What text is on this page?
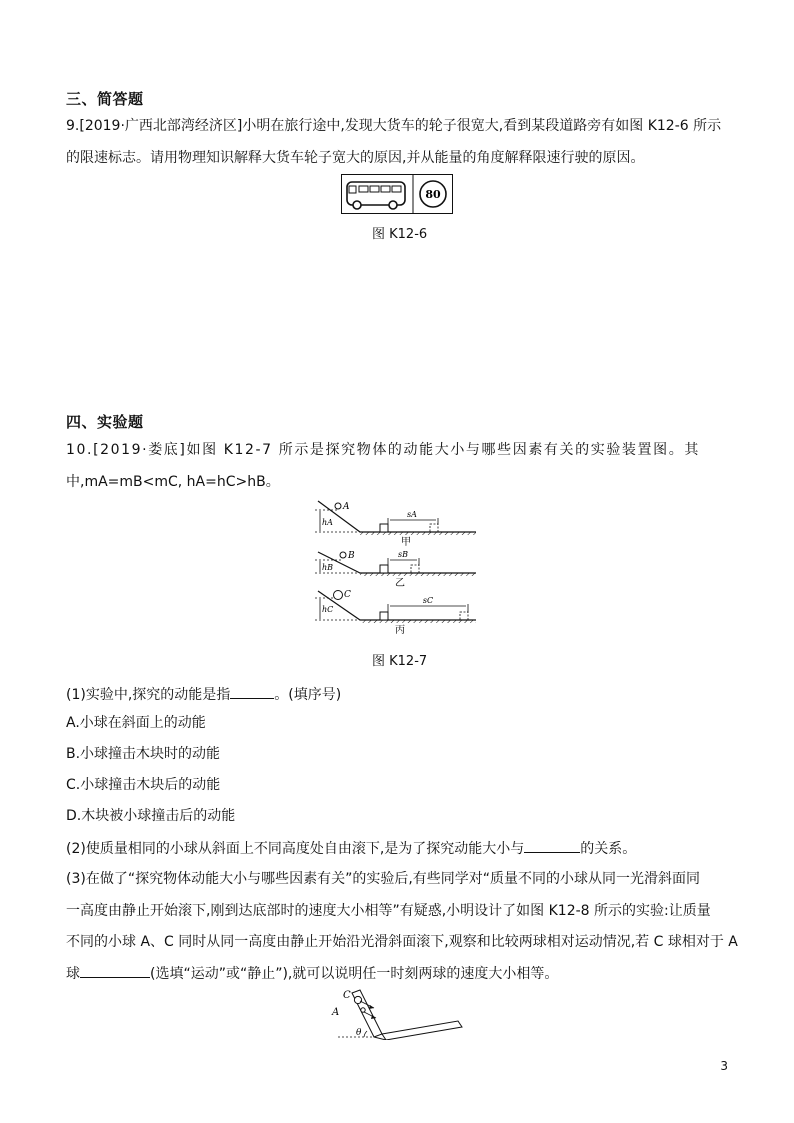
三、简答题
9.[2019·广西北部湾经济区]小明在旅行途中,发现大货车的轮子很宽大,看到某段道路旁有如图 K12-6 所示
的限速标志。请用物理知识解释大货车轮子宽大的原因,并从能量的角度解释限速行驶的原因。
80
图 K12-6
四、实验题
10.[2019·娄底]如图 K12-7 所示是探究物体的动能大小与哪些因素有关的实验装置图。其
中,mA=mB<mC, hA=hC>hB。
A
hA
sA
甲
B
hB
sB
乙
C
hC
sC
丙
图 K12-7
(1)实验中,探究的动能是指	。(填序号)
A.小球在斜面上的动能
B.小球撞击木块时的动能
C.小球撞击木块后的动能
D.木块被小球撞击后的动能
(2)使质量相同的小球从斜面上不同高度处自由滚下,是为了探究动能大小与	的关系。
(3)在做了“探究物体动能大小与哪些因素有关”的实验后,有些同学对“质量不同的小球从同一光滑斜面同
一高度由静止开始滚下,刚到达底部时的速度大小相等”有疑惑,小明设计了如图 K12-8 所示的实验:让质量
不同的小球 A、C 同时从同一高度由静止开始沿光滑斜面滚下,观察和比较两球相对运动情况,若 C 球相对于 A
球	(选填“运动”或“静止”),就可以说明任一时刻两球的速度大小相等。
C
A
θ
3
